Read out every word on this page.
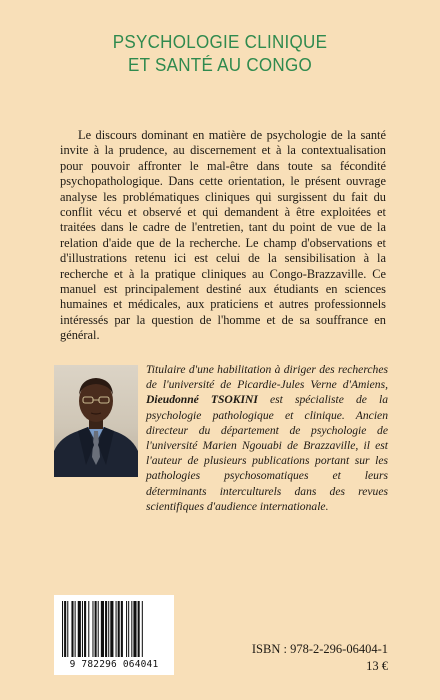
PSYCHOLOGIE CLINIQUE
ET SANTÉ AU CONGO

Le discours dominant en matière de psychologie de la santé invite à la prudence, au discernement et à la contextualisation pour pouvoir affronter le mal-être dans toute sa fécondité psychopathologique. Dans cette orientation, le présent ouvrage analyse les problématiques cliniques qui surgissent du fait du conflit vécu et observé et qui demandent à être exploitées et traitées dans le cadre de l'entretien, tant du point de vue de la relation d'aide que de la recherche. Le champ d'observations et d'illustrations retenu ici est celui de la sensibilisation à la recherche et à la pratique cliniques au Congo-Brazzaville. Ce manuel est principalement destiné aux étudiants en sciences humaines et médicales, aux praticiens et autres professionnels intéressés par la question de l'homme et de sa souffrance en général.

Titulaire d'une habilitation à diriger des recherches de l'université de Picardie-Jules Verne d'Amiens, Dieudonné TSOKINI est spécialiste de la psychologie pathologique et clinique. Ancien directeur du département de psychologie de l'université Marien Ngouabi de Brazzaville, il est l'auteur de plusieurs publications portant sur les pathologies psychosomatiques et leurs déterminants interculturels dans des revues scientifiques d'audience internationale.

9 782296 064041
ISBN : 978-2-296-06404-1
13 €
